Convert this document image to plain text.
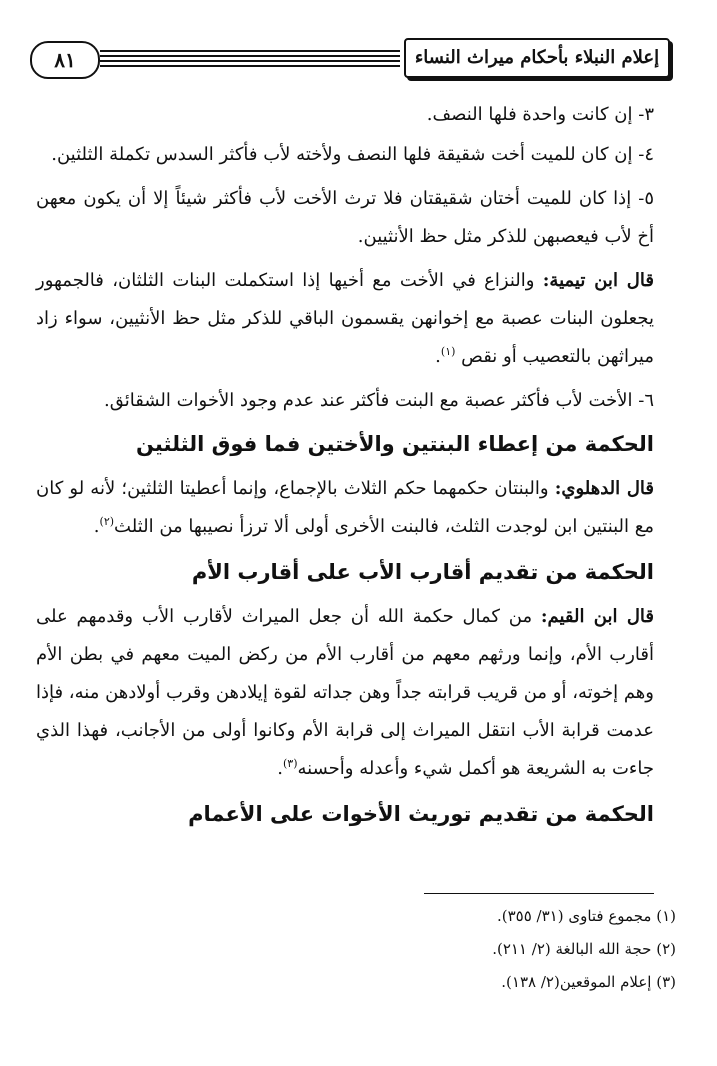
٨١	إعلام النبلاء بأحكام ميراث النساء

٣- إن كانت واحدة فلها النصف.

٤- إن كان للميت أخت شقيقة فلها النصف ولأخته لأب فأكثر السدس تكملة الثلثين.

٥- إذا كان للميت أختان شقيقتان فلا ترث الأخت لأب فأكثر شيئاً إلا أن يكون معهن أخ لأب فيعصبهن للذكر مثل حظ الأنثيين.

قال ابن تيمية: والنزاع في الأخت مع أخيها إذا استكملت البنات الثلثان، فالجمهور يجعلون البنات عصبة مع إخوانهن يقسمون الباقي للذكر مثل حظ الأنثيين، سواء زاد ميراثهن بالتعصيب أو نقص $^{(١)}$.

٦- الأخت لأب فأكثر عصبة مع البنت فأكثر عند عدم وجود الأخوات الشقائق.

الحكمة من إعطاء البنتين والأختين فما فوق الثلثين

قال الدهلوي: والبنتان حكمهما حكم الثلاث بالإجماع، وإنما أعطيتا الثلثين؛ لأنه لو كان مع البنتين ابن لوجدت الثلث، فالبنت الأخرى أولى ألا ترزأ نصيبها من الثلث$^{(٢)}$.

الحكمة من تقديم أقارب الأب على أقارب الأم

قال ابن القيم: من كمال حكمة الله أن جعل الميراث لأقارب الأب وقدمهم على أقارب الأم، وإنما ورثهم معهم من أقارب الأم من ركض الميت معهم في بطن الأم وهم إخوته، أو من قريب قرابته جداً وهن جداته لقوة إيلادهن وقرب أولادهن منه، فإذا عدمت قرابة الأب انتقل الميراث إلى قرابة الأم وكانوا أولى من الأجانب، فهذا الذي جاءت به الشريعة هو أكمل شيء وأعدله وأحسنه$^{(٣)}$.

الحكمة من تقديم توريث الأخوات على الأعمام
(١) مجموع فتاوى (٣١/ ٣٥٥).
(٢) حجة الله البالغة (٢/ ٢١١).
(٣) إعلام الموقعين(٢/ ١٣٨).
